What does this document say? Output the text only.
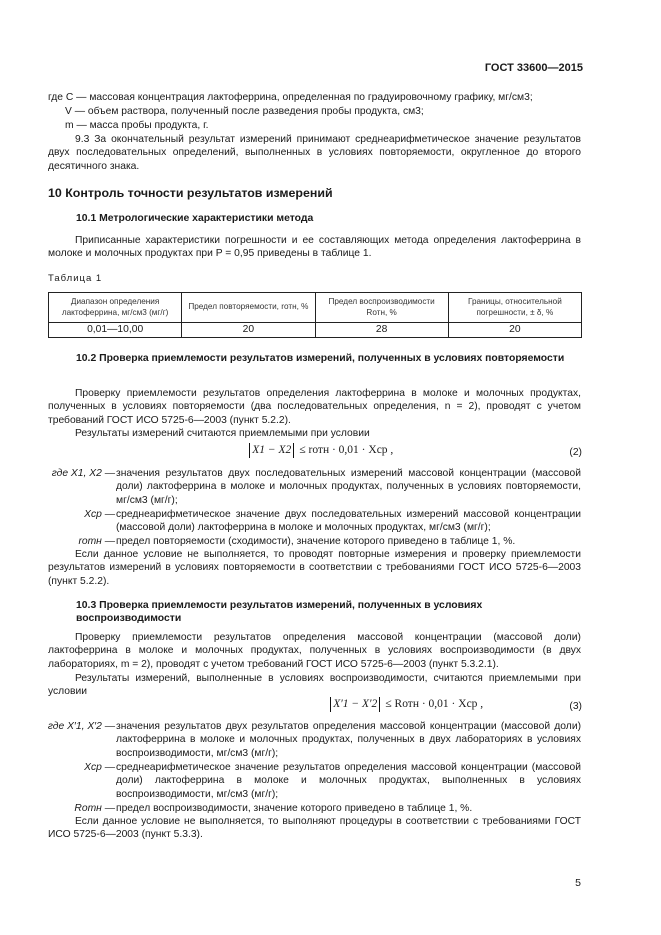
ГОСТ 33600—2015
где C — массовая концентрация лактоферрина, определенная по градуировочному графику, мг/см3;
V — объем раствора, полученный после разведения пробы продукта, см3;
m — масса пробы продукта, г.
9.3 За окончательный результат измерений принимают среднеарифметическое значение результатов двух последовательных определений, выполненных в условиях повторяемости, округленное до второго десятичного знака.
10 Контроль точности результатов измерений
10.1 Метрологические характеристики метода
Приписанные характеристики погрешности и ее составляющих метода определения лактоферрина в молоке и молочных продуктах при P = 0,95 приведены в таблице 1.
Таблица 1
Диапазон определения лактоферрина, мг/см3 (мг/г)	Предел повторяемости, rотн, %	Предел воспроизводимости Rотн, %	Границы, относительной погрешности, ± δ, %
0,01—10,00	20	28	20
10.2 Проверка приемлемости результатов измерений, полученных в условиях повторяемости
Проверку приемлемости результатов определения лактоферрина в молоке и молочных продуктах, полученных в условиях повторяемости (два последовательных определения, n = 2), проводят с учетом требований ГОСТ ИСО 5725-6—2003 (пункт 5.2.2).
Результаты измерений считаются приемлемыми при условии
X1 − X2 ≤ rотн · 0,01 · Xср ,	(2)
где X1, X2 — значения результатов двух последовательных измерений массовой концентрации (массовой доли) лактоферрина в молоке и молочных продуктах, полученных в условиях повторяемости, мг/см3 (мг/г);
Xср — среднеарифметическое значение двух последовательных измерений массовой концентрации (массовой доли) лактоферрина в молоке и молочных продуктах, мг/см3 (мг/г);
rотн — предел повторяемости (сходимости), значение которого приведено в таблице 1, %.
Если данное условие не выполняется, то проводят повторные измерения и проверку приемлемости результатов измерений в условиях повторяемости в соответствии с требованиями ГОСТ ИСО 5725-6—2003 (пункт 5.2.2).
10.3 Проверка приемлемости результатов измерений, полученных в условиях воспроизводимости
Проверку приемлемости результатов определения массовой концентрации (массовой доли) лактоферрина в молоке и молочных продуктах, полученных в условиях воспроизводимости (в двух лабораториях, m = 2), проводят с учетом требований ГОСТ ИСО 5725-6—2003 (пункт 5.3.2.1).
Результаты измерений, выполненные в условиях воспроизводимости, считаются приемлемыми при условии
X′1 − X′2 ≤ Rотн · 0,01 · Xср ,	(3)
где X′1, X′2 — значения результатов двух результатов определения массовой концентрации (массовой доли) лактоферрина в молоке и молочных продуктах, полученных в двух лабораториях в условиях воспроизводимости, мг/см3 (мг/г);
Xср — среднеарифметическое значение результатов определения массовой концентрации (массовой доли) лактоферрина в молоке и молочных продуктах, выполненных в условиях воспроизводимости, мг/см3 (мг/г);
Rотн — предел воспроизводимости, значение которого приведено в таблице 1, %.
Если данное условие не выполняется, то выполняют процедуры в соответствии с требованиями ГОСТ ИСО 5725-6—2003 (пункт 5.3.3).
5
